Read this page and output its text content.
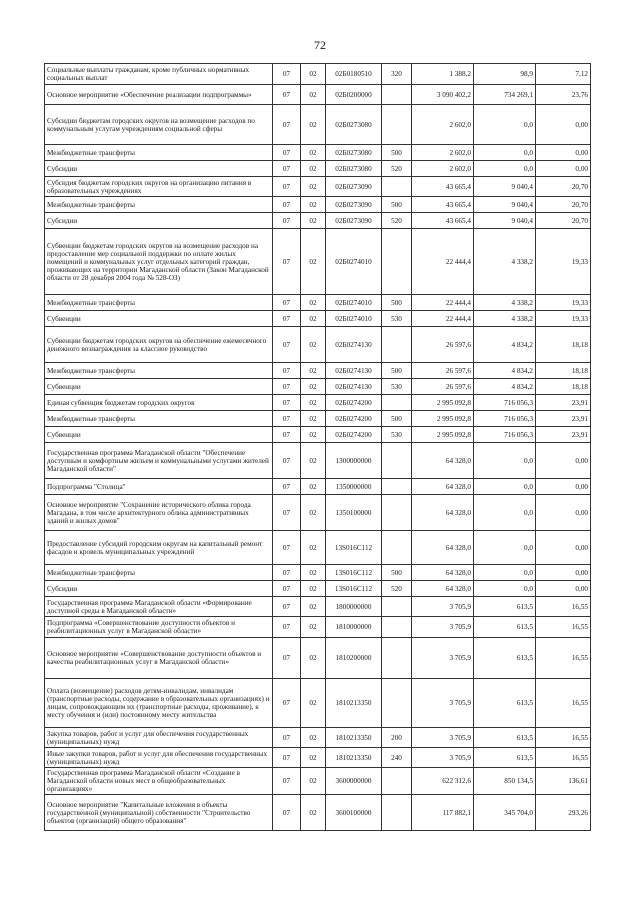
72
Социальные выплаты гражданам, кроме публичных нормативных социальных выплат	07	02	02Б0180510	320	1 388,2	98,9	7,12
Основное мероприятие «Обеспечение реализации подпрограммы»	07	02	02Б0200000		3 090 402,2	734 269,1	23,76
Субсидии бюджетам городских округов на возмещение расходов по коммунальным услугам учреждениям социальной сферы	07	02	02Б0273080		2 602,0	0,0	0,00
Межбюджетные трансферты	07	02	02Б0273080	500	2 602,0	0,0	0,00
Субсидии	07	02	02Б0273080	520	2 602,0	0,0	0,00
Субсидия бюджетам городских округов на организацию питания в образовательных учреждениях	07	02	02Б0273090		43 665,4	9 040,4	20,70
Межбюджетные трансферты	07	02	02Б0273090	500	43 665,4	9 040,4	20,70
Субсидии	07	02	02Б0273090	520	43 665,4	9 040,4	20,70
Субвенции бюджетам городских округов на возмещение расходов на предоставление мер социальной поддержки по оплате жилых помещений и коммунальных услуг отдельных категорий граждан, проживающих на территории Магаданской области (Закон Магаданской области от 28 декабря 2004 года № 528-ОЗ)	07	02	02Б0274010		22 444,4	4 338,2	19,33
Межбюджетные трансферты	07	02	02Б0274010	500	22 444,4	4 338,2	19,33
Субвенции	07	02	02Б0274010	530	22 444,4	4 338,2	19,33
Субвенции бюджетам городских округов на обеспечение ежемесячного денежного вознаграждения за классное руководство	07	02	02Б0274130		26 597,6	4 834,2	18,18
Межбюджетные трансферты	07	02	02Б0274130	500	26 597,6	4 834,2	18,18
Субвенции	07	02	02Б0274130	530	26 597,6	4 834,2	18,18
Единая субвенция бюджетам городских округов	07	02	02Б0274200		2 995 092,8	716 056,3	23,91
Межбюджетные трансферты	07	02	02Б0274200	500	2 995 092,8	716 056,3	23,91
Субвенции	07	02	02Б0274200	530	2 995 092,8	716 056,3	23,91
Государственная программа Магаданской области "Обеспечение доступным и комфортным жильем и коммунальными услугами жителей Магаданской области"	07	02	1300000000		64 328,0	0,0	0,00
Подпрограмма "Столица"	07	02	1350000000		64 328,0	0,0	0,00
Основное мероприятие "Сохранение исторического облика города Магадана, в том числе архитектурного облика административных зданий и жилых домов"	07	02	1350100000		64 328,0	0,0	0,00
Предоставление субсидий городским округам на капитальный ремонт фасадов и кровель муниципальных учреждений	07	02	13S016C112		64 328,0	0,0	0,00
Межбюджетные трансферты	07	02	13S016C112	500	64 328,0	0,0	0,00
Субсидии	07	02	13S016C112	520	64 328,0	0,0	0,00
Государственная программа Магаданской области «Формирование доступной среды в Магаданской области»	07	02	1800000000		3 705,9	613,5	16,55
Подпрограмма «Совершенствование доступности объектов и реабилитационных услуг в Магаданской области»	07	02	1810000000		3 705,9	613,5	16,55
Основное мероприятие «Совершенствование доступности объектов и качества реабилитационных услуг в Магаданской области»	07	02	1810200000		3 705,9	613,5	16,55
Оплата (возмещение) расходов детям-инвалидам, инвалидам (транспортные расходы, содержание в образовательных организациях) и лицам, сопровождающим их (транспортные расходы, проживание), к месту обучения и (или) постоянному месту жительства	07	02	1810213350		3 705,9	613,5	16,55
Закупка товаров, работ и услуг для обеспечения государственных (муниципальных) нужд	07	02	1810213350	200	3 705,9	613,5	16,55
Иные закупки товаров, работ и услуг для обеспечения государственных (муниципальных) нужд	07	02	1810213350	240	3 705,9	613,5	16,55
Государственная программа Магаданской области «Создание в Магаданской области новых мест в общеобразовательных организациях»	07	02	3600000000		622 312,6	850 134,5	136,61
Основное мероприятие "Капитальные вложения в объекты государственной (муниципальной) собственности "Строительство объектов (организаций) общего образования"	07	02	3600100000		117 882,1	345 704,0	293,26
